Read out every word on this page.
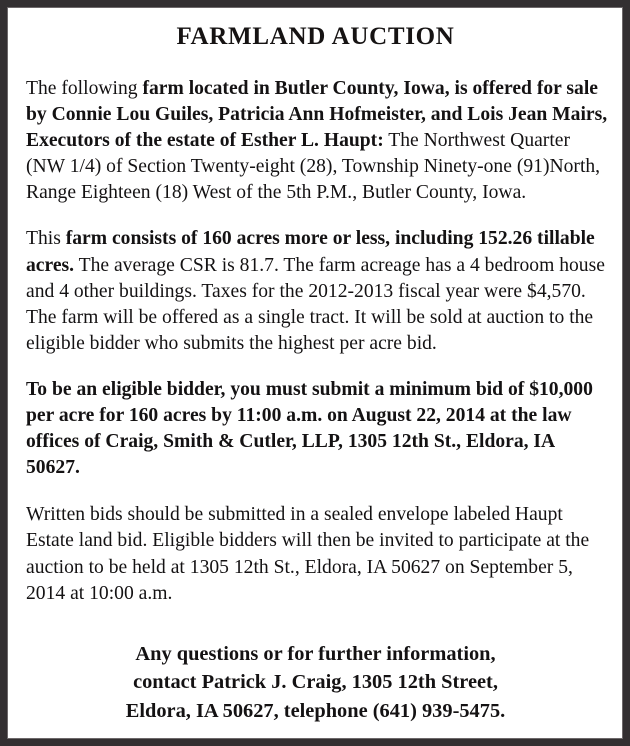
FARMLAND AUCTION

The following farm located in Butler County, Iowa, is offered for sale by Connie Lou Guiles, Patricia Ann Hofmeister, and Lois Jean Mairs, Executors of the estate of Esther L. Haupt: The Northwest Quarter (NW 1/4) of Section Twenty-eight (28), Township Ninety-one (91)North, Range Eighteen (18) West of the 5th P.M., Butler County, Iowa.

This farm consists of 160 acres more or less, including 152.26 tillable acres. The average CSR is 81.7. The farm acreage has a 4 bedroom house and 4 other buildings. Taxes for the 2012-2013 fiscal year were $4,570. The farm will be offered as a single tract. It will be sold at auction to the eligible bidder who submits the highest per acre bid.

To be an eligible bidder, you must submit a minimum bid of $10,000 per acre for 160 acres by 11:00 a.m. on August 22, 2014 at the law offices of Craig, Smith & Cutler, LLP, 1305 12th St., Eldora, IA 50627.

Written bids should be submitted in a sealed envelope labeled Haupt Estate land bid. Eligible bidders will then be invited to participate at the auction to be held at 1305 12th St., Eldora, IA 50627 on September 5, 2014 at 10:00 a.m.

Any questions or for further information,
contact Patrick J. Craig, 1305 12th Street,
Eldora, IA 50627, telephone (641) 939-5475.
